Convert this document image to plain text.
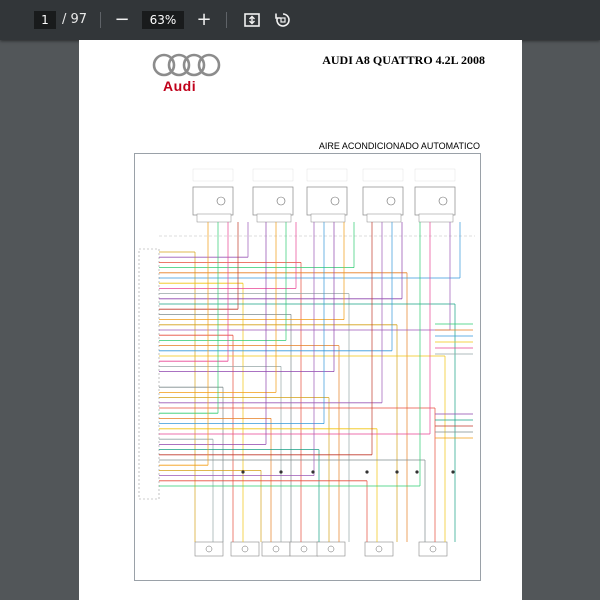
1	/ 97 −	63%	+
Audi
AUDI A8 QUATTRO 4.2L 2008
AIRE ACONDICIONADO AUTOMATICO
